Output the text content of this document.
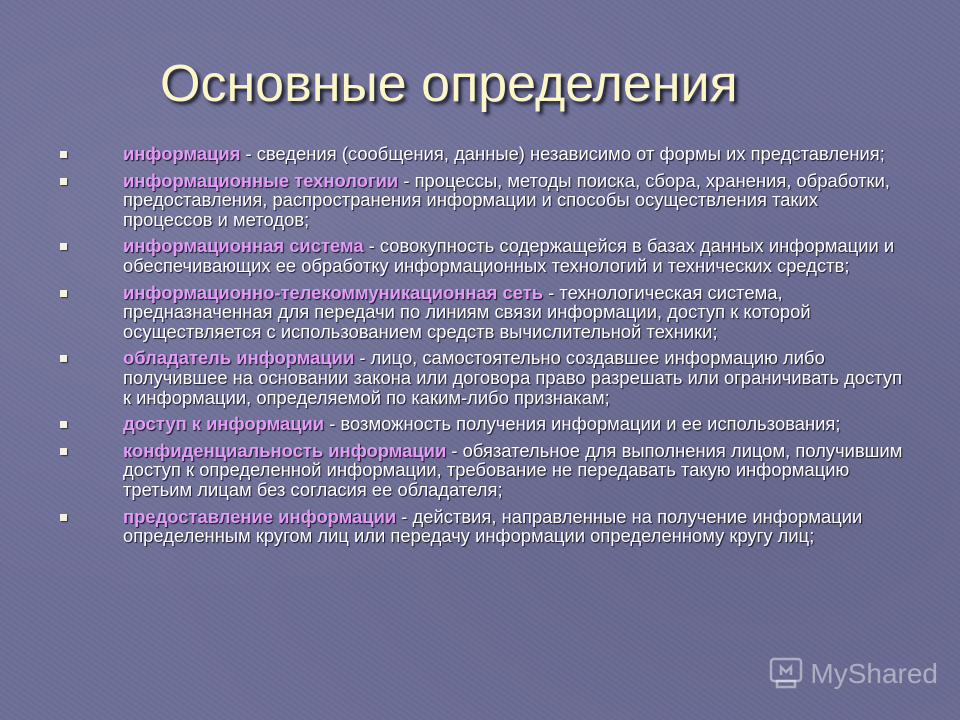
Основные определения
информация - сведения (сообщения, данные) независимо от формы их представления;
информационные технологии - процессы, методы поиска, сбора, хранения, обработки, предоставления, распространения информации и способы осуществления таких процессов и методов;
информационная система - совокупность содержащейся в базах данных информации и обеспечивающих ее обработку информационных технологий и технических средств;
информационно-телекоммуникационная сеть - технологическая система, предназначенная для передачи по линиям связи информации, доступ к которой осуществляется с использованием средств вычислительной техники;
обладатель информации - лицо, самостоятельно создавшее информацию либо получившее на основании закона или договора право разрешать или ограничивать доступ к информации, определяемой по каким-либо признакам;
доступ к информации - возможность получения информации и ее использования;
конфиденциальность информации - обязательное для выполнения лицом, получившим доступ к определенной информации, требование не передавать такую информацию третьим лицам без согласия ее обладателя;
предоставление информации - действия, направленные на получение информации определенным кругом лиц или передачу информации определенному кругу лиц;
MyShared
